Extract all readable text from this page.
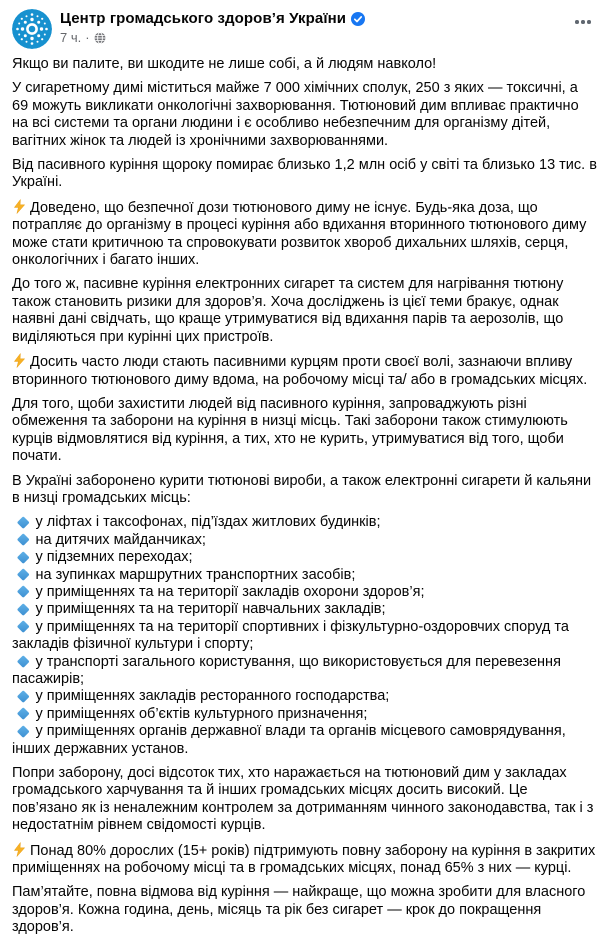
Центр громадського здоров’я України
7 ч. ·

Якщо ви палите, ви шкодите не лише собі, а й людям навколо!

У сигаретному димі міститься майже 7 000 хімічних сполук, 250 з яких — токсичні, а 69 можуть викликати онкологічні захворювання. Тютюновий дим впливає практично на всі системи та органи людини і є особливо небезпечним для організму дітей, вагітних жінок та людей із хронічними захворюваннями.

Від пасивного куріння щороку помирає близько 1,2 млн осіб у світі та близько 13 тис. в Україні.

Доведено, що безпечної дози тютюнового диму не існує. Будь-яка доза, що потрапляє до організму в процесі куріння або вдихання вторинного тютюнового диму може стати критичною та спровокувати розвиток хвороб дихальних шляхів, серця, онкологічних і багато інших.

До того ж, пасивне куріння електронних сигарет та систем для нагрівання тютюну також становить ризики для здоров’я. Хоча досліджень із цієї теми бракує, однак наявні дані свідчать, що краще утримуватися від вдихання парів та аерозолів, що виділяються при курінні цих пристроїв.

Досить часто люди стають пасивними курцям проти своєї волі, зазнаючи впливу вторинного тютюнового диму вдома, на робочому місці та/ або в громадських місцях.

Для того, щоби захистити людей від пасивного куріння, запроваджують різні обмеження та заборони на куріння в низці місць. Такі заборони також стимулюють курців відмовлятися від куріння, а тих, хто не курить, утримуватися від того, щоби почати.

В Україні заборонено курити тютюнові вироби, а також електронні сигарети й кальяни в низці громадських місць:

у ліфтах і таксофонах, під’їздах житлових будинків;
на дитячих майданчиках;
у підземних переходах;
на зупинках маршрутних транспортних засобів;
у приміщеннях та на території закладів охорони здоров’я;
у приміщеннях та на території навчальних закладів;
у приміщеннях та на території спортивних і фізкультурно-оздоровчих споруд та закладів фізичної культури і спорту;
у транспорті загального користування, що використовується для перевезення пасажирів;
у приміщеннях закладів ресторанного господарства;
у приміщеннях об’єктів культурного призначення;
у приміщеннях органів державної влади та органів місцевого самоврядування, інших державних установ.

Попри заборону, досі відсоток тих, хто наражається на тютюновий дим у закладах громадського харчування та й інших громадських місцях досить високий. Це пов’язано як із неналежним контролем за дотриманням чинного законодавства, так і з недостатнім рівнем свідомості курців.

Понад 80% дорослих (15+ років) підтримують повну заборону на куріння в закритих приміщеннях на робочому місці та в громадських місцях, понад 65% з них — курці.

Пам’ятайте, повна відмова від куріння — найкраще, що можна зробити для власного здоров’я. Кожна година, день, місяць та рік без сигарет — крок до покращення здоров’я.
